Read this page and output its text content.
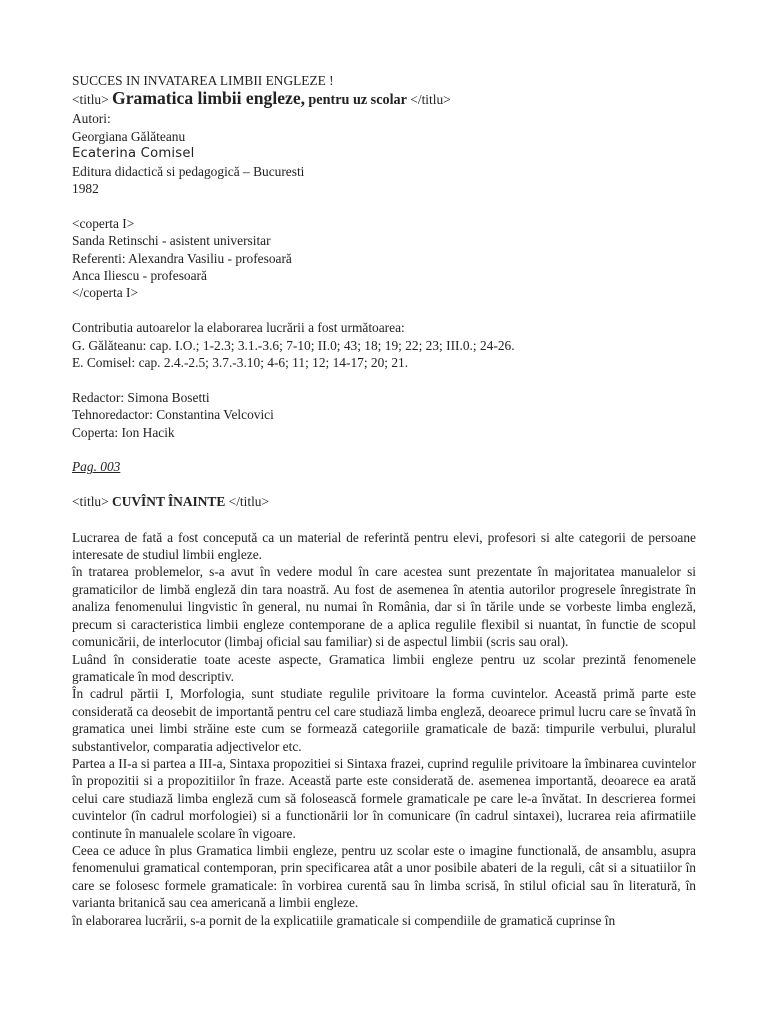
SUCCES IN INVATAREA LIMBII ENGLEZE !
<titlu> Gramatica limbii engleze, pentru uz scolar </titlu>
Autori:
Georgiana Gălăteanu
Ecaterina Comisel
Editura didactică si pedagogică – Bucuresti
1982
<coperta I>
Sanda Retinschi - asistent universitar
Referenti: Alexandra Vasiliu - profesoară
Anca Iliescu - profesoară
</coperta I>
Contributia autoarelor la elaborarea lucrării a fost următoarea:
G. Gălăteanu: cap. I.O.; 1-2.3; 3.1.-3.6; 7-10; II.0; 43; 18; 19; 22; 23; III.0.; 24-26.
E. Comisel: cap. 2.4.-2.5; 3.7.-3.10; 4-6; 11; 12; 14-17; 20; 21.
Redactor: Simona Bosetti
Tehnoredactor: Constantina Velcovici
Coperta: Ion Hacik
Pag. 003
<titlu> CUVÎNT ÎNAINTE </titlu>

Lucrarea de fată a fost concepută ca un material de referintă pentru elevi, profesori si alte categorii de persoane interesate de studiul limbii engleze.

în tratarea problemelor, s-a avut în vedere modul în care acestea sunt prezentate în majoritatea manualelor si gramaticilor de limbă engleză din tara noastră. Au fost de asemenea în atentia autorilor progresele înregistrate în analiza fenomenului lingvistic în general, nu numai în România, dar si în tările unde se vorbeste limba engleză, precum si caracteristica limbii engleze contemporane de a aplica regulile flexibil si nuantat, în functie de scopul comunicării, de interlocutor (limbaj oficial sau familiar) si de aspectul limbii (scris sau oral).

Luând în consideratie toate aceste aspecte, Gramatica limbii engleze pentru uz scolar prezintă fenomenele gramaticale în mod descriptiv.

În cadrul părtii I, Morfologia, sunt studiate regulile privitoare la forma cuvintelor. Această primă parte este considerată ca deosebit de importantă pentru cel care studiază limba engleză, deoarece primul lucru care se învată în gramatica unei limbi străine este cum se formează categoriile gramaticale de bază: timpurile verbului, pluralul substantivelor, comparatia adjectivelor etc.

Partea a II-a si partea a III-a, Sintaxa propozitiei si Sintaxa frazei, cuprind regulile privitoare la îmbinarea cuvintelor în propozitii si a propozitiilor în fraze. Această parte este considerată de. asemenea importantă, deoarece ea arată celui care studiază limba engleză cum să folosească formele gramaticale pe care le-a învătat. In descrierea formei cuvintelor (în cadrul morfologiei) si a functionării lor în comunicare (în cadrul sintaxei), lucrarea reia afirmatiile continute în manualele scolare în vigoare.

Ceea ce aduce în plus Gramatica limbii engleze, pentru uz scolar este o imagine functională, de ansamblu, asupra fenomenului gramatical contemporan, prin specificarea atât a unor posibile abateri de la reguli, cât si a situatiilor în care se folosesc formele gramaticale: în vorbirea curentă sau în limba scrisă, în stilul oficial sau în literatură, în varianta britanică sau cea americană a limbii engleze.

în elaborarea lucrării, s-a pornit de la explicatiile gramaticale si compendiile de gramatică cuprinse în
